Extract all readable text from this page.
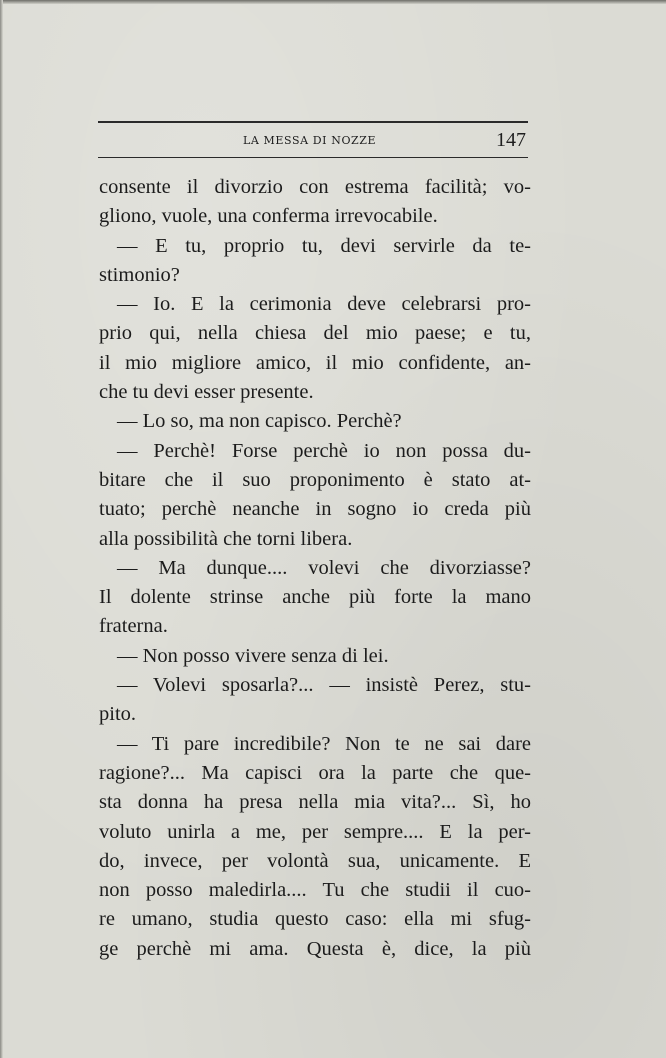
LA MESSA DI NOZZE	147
consente il divorzio con estrema facilità; vo-
gliono, vuole, una conferma irrevocabile.
— E tu, proprio tu, devi servirle da te-
stimonio?
— Io. E la cerimonia deve celebrarsi pro-
prio qui, nella chiesa del mio paese; e tu,
il mio migliore amico, il mio confidente, an-
che tu devi esser presente.
— Lo so, ma non capisco. Perchè?
— Perchè! Forse perchè io non possa du-
bitare che il suo proponimento è stato at-
tuato; perchè neanche in sogno io creda più
alla possibilità che torni libera.
— Ma dunque.... volevi che divorziasse?
Il dolente strinse anche più forte la mano
fraterna.
— Non posso vivere senza di lei.
— Volevi sposarla?... — insistè Perez, stu-
pito.
— Ti pare incredibile? Non te ne sai dare
ragione?... Ma capisci ora la parte che que-
sta donna ha presa nella mia vita?... Sì, ho
voluto unirla a me, per sempre.... E la per-
do, invece, per volontà sua, unicamente. E
non posso maledirla.... Tu che studii il cuo-
re umano, studia questo caso: ella mi sfug-
ge perchè mi ama. Questa è, dice, la più
